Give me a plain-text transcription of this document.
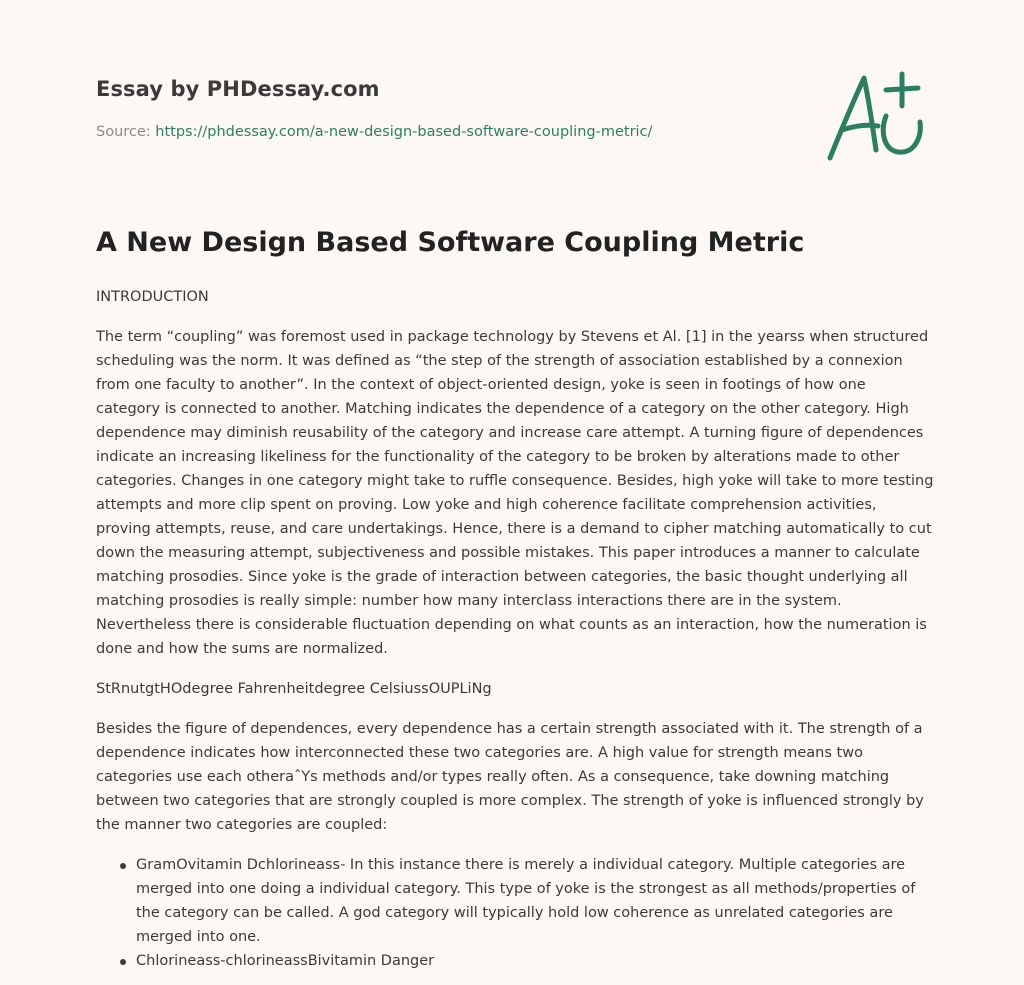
Essay by PHDessay.com
Source: https://phdessay.com/a-new-design-based-software-coupling-metric/
A New Design Based Software Coupling Metric

INTRODUCTION

The term “coupling” was foremost used in package technology by Stevens et Al. [1] in the yearss when structured scheduling was the norm. It was defined as “the step of the strength of association established by a connexion from one faculty to another”. In the context of object-oriented design, yoke is seen in footings of how one category is connected to another. Matching indicates the dependence of a category on the other category. High dependence may diminish reusability of the category and increase care attempt. A turning figure of dependences indicate an increasing likeliness for the functionality of the category to be broken by alterations made to other categories. Changes in one category might take to ruffle consequence. Besides, high yoke will take to more testing attempts and more clip spent on proving. Low yoke and high coherence facilitate comprehension activities, proving attempts, reuse, and care undertakings. Hence, there is a demand to cipher matching automatically to cut down the measuring attempt, subjectiveness and possible mistakes. This paper introduces a manner to calculate matching prosodies. Since yoke is the grade of interaction between categories, the basic thought underlying all matching prosodies is really simple: number how many interclass interactions there are in the system. Nevertheless there is considerable fluctuation depending on what counts as an interaction, how the numeration is done and how the sums are normalized.

StRnutgtHOdegree Fahrenheitdegree CelsiussOUPLiNg

Besides the figure of dependences, every dependence has a certain strength associated with it. The strength of a dependence indicates how interconnected these two categories are. A high value for strength means two categories use each otheraˆYs methods and/or types really often. As a consequence, take downing matching between two categories that are strongly coupled is more complex. The strength of yoke is influenced strongly by the manner two categories are coupled:

GramOvitamin Dchlorineass- In this instance there is merely a individual category. Multiple categories are merged into one doing a individual category. This type of yoke is the strongest as all methods/properties of the category can be called. A god category will typically hold low coherence as unrelated categories are merged into one.
Chlorineass-chlorineassBivitamin Danger
